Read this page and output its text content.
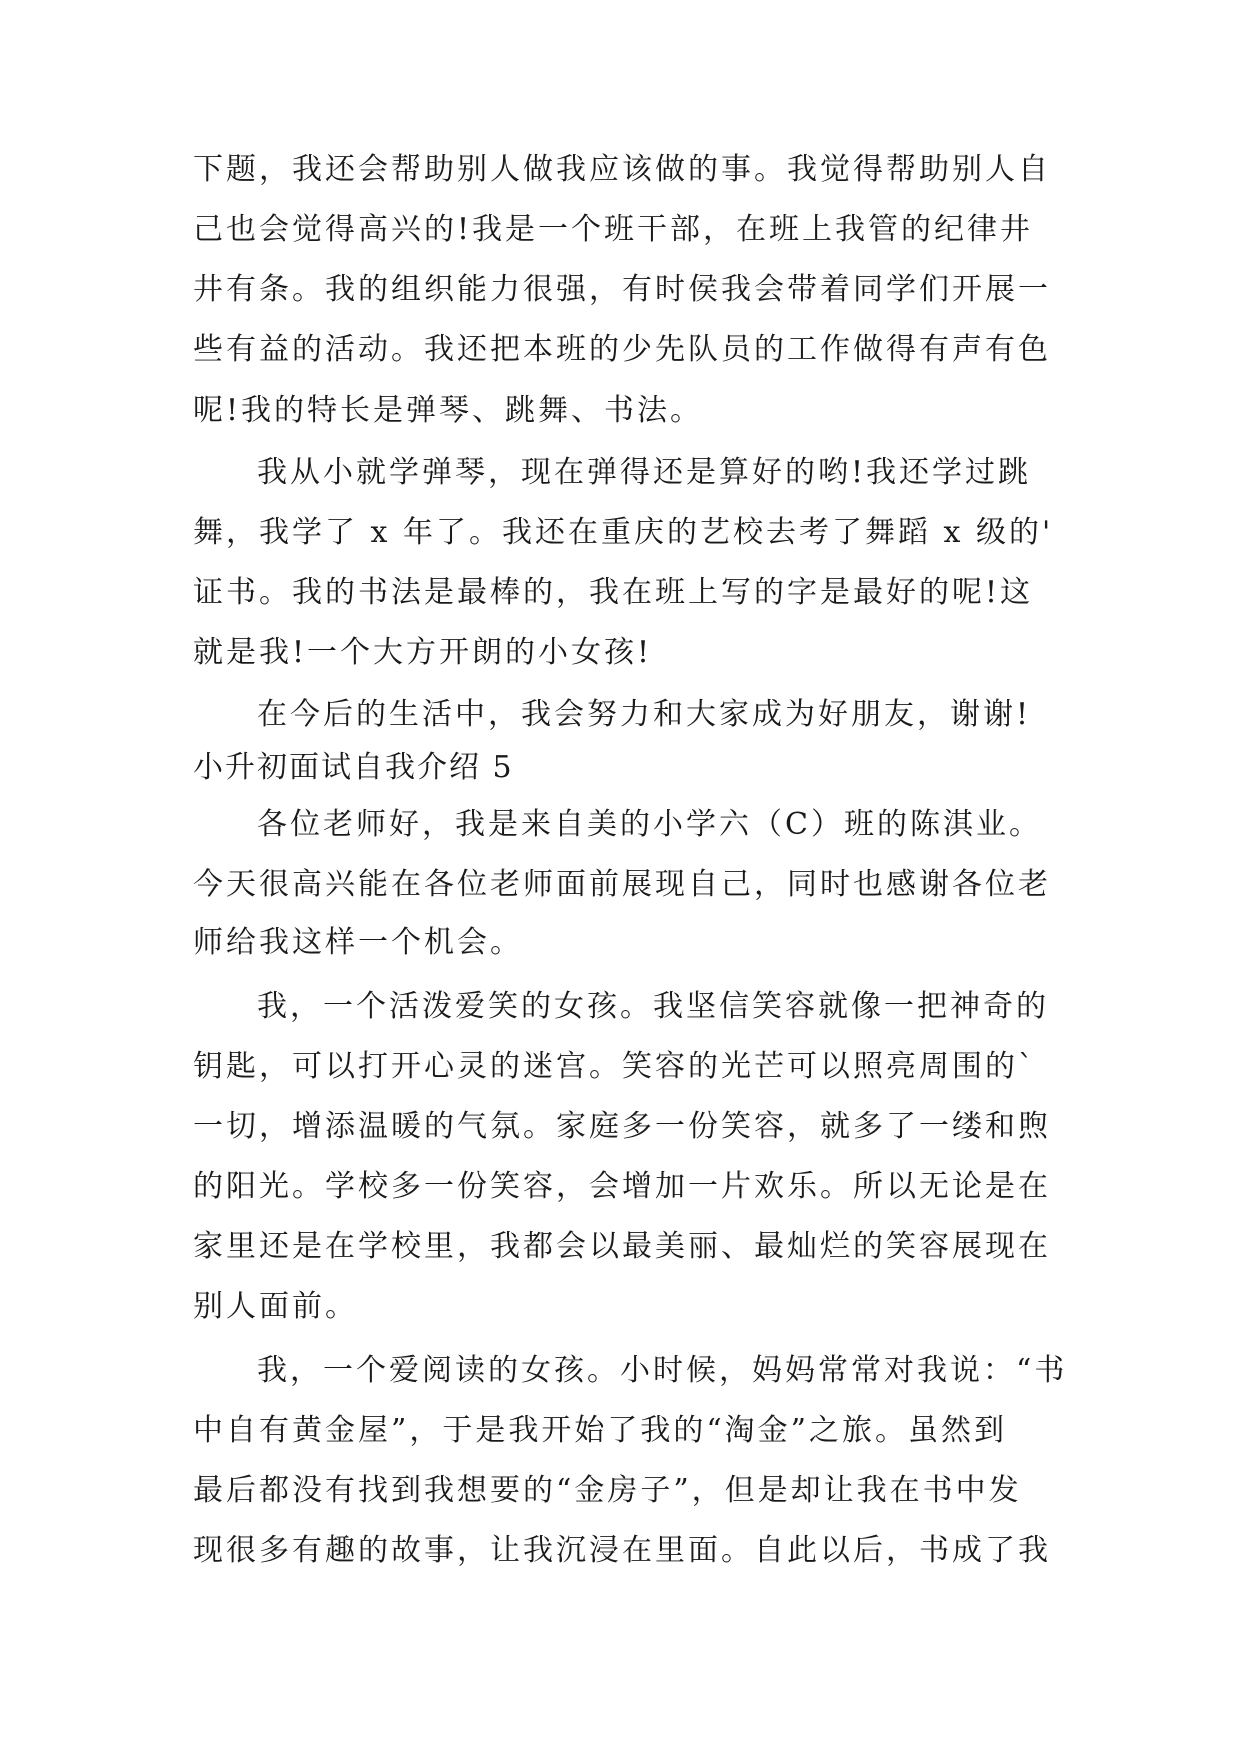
下题，我还会帮助别人做我应该做的事。我觉得帮助别人自
己也会觉得高兴的!我是一个班干部，在班上我管的纪律井
井有条。我的组织能力很强，有时侯我会带着同学们开展一
些有益的活动。我还把本班的少先队员的工作做得有声有色
呢!我的特长是弹琴、跳舞、书法。
我从小就学弹琴，现在弹得还是算好的哟!我还学过跳
舞，我学了 x 年了。我还在重庆的艺校去考了舞蹈 x 级的'
证书。我的书法是最棒的，我在班上写的字是最好的呢!这
就是我!一个大方开朗的小女孩!
在今后的生活中，我会努力和大家成为好朋友，谢谢!
小升初面试自我介绍 5
各位老师好，我是来自美的小学六（C）班的陈淇业。
今天很高兴能在各位老师面前展现自己，同时也感谢各位老
师给我这样一个机会。
我，一个活泼爱笑的女孩。我坚信笑容就像一把神奇的
钥匙，可以打开心灵的迷宫。笑容的光芒可以照亮周围的`
一切，增添温暖的气氛。家庭多一份笑容，就多了一缕和煦
的阳光。学校多一份笑容，会增加一片欢乐。所以无论是在
家里还是在学校里，我都会以最美丽、最灿烂的笑容展现在
别人面前。
我，一个爱阅读的女孩。小时候，妈妈常常对我说：“书
中自有黄金屋”，于是我开始了我的“淘金”之旅。虽然到
最后都没有找到我想要的“金房子”，但是却让我在书中发
现很多有趣的故事，让我沉浸在里面。自此以后，书成了我
